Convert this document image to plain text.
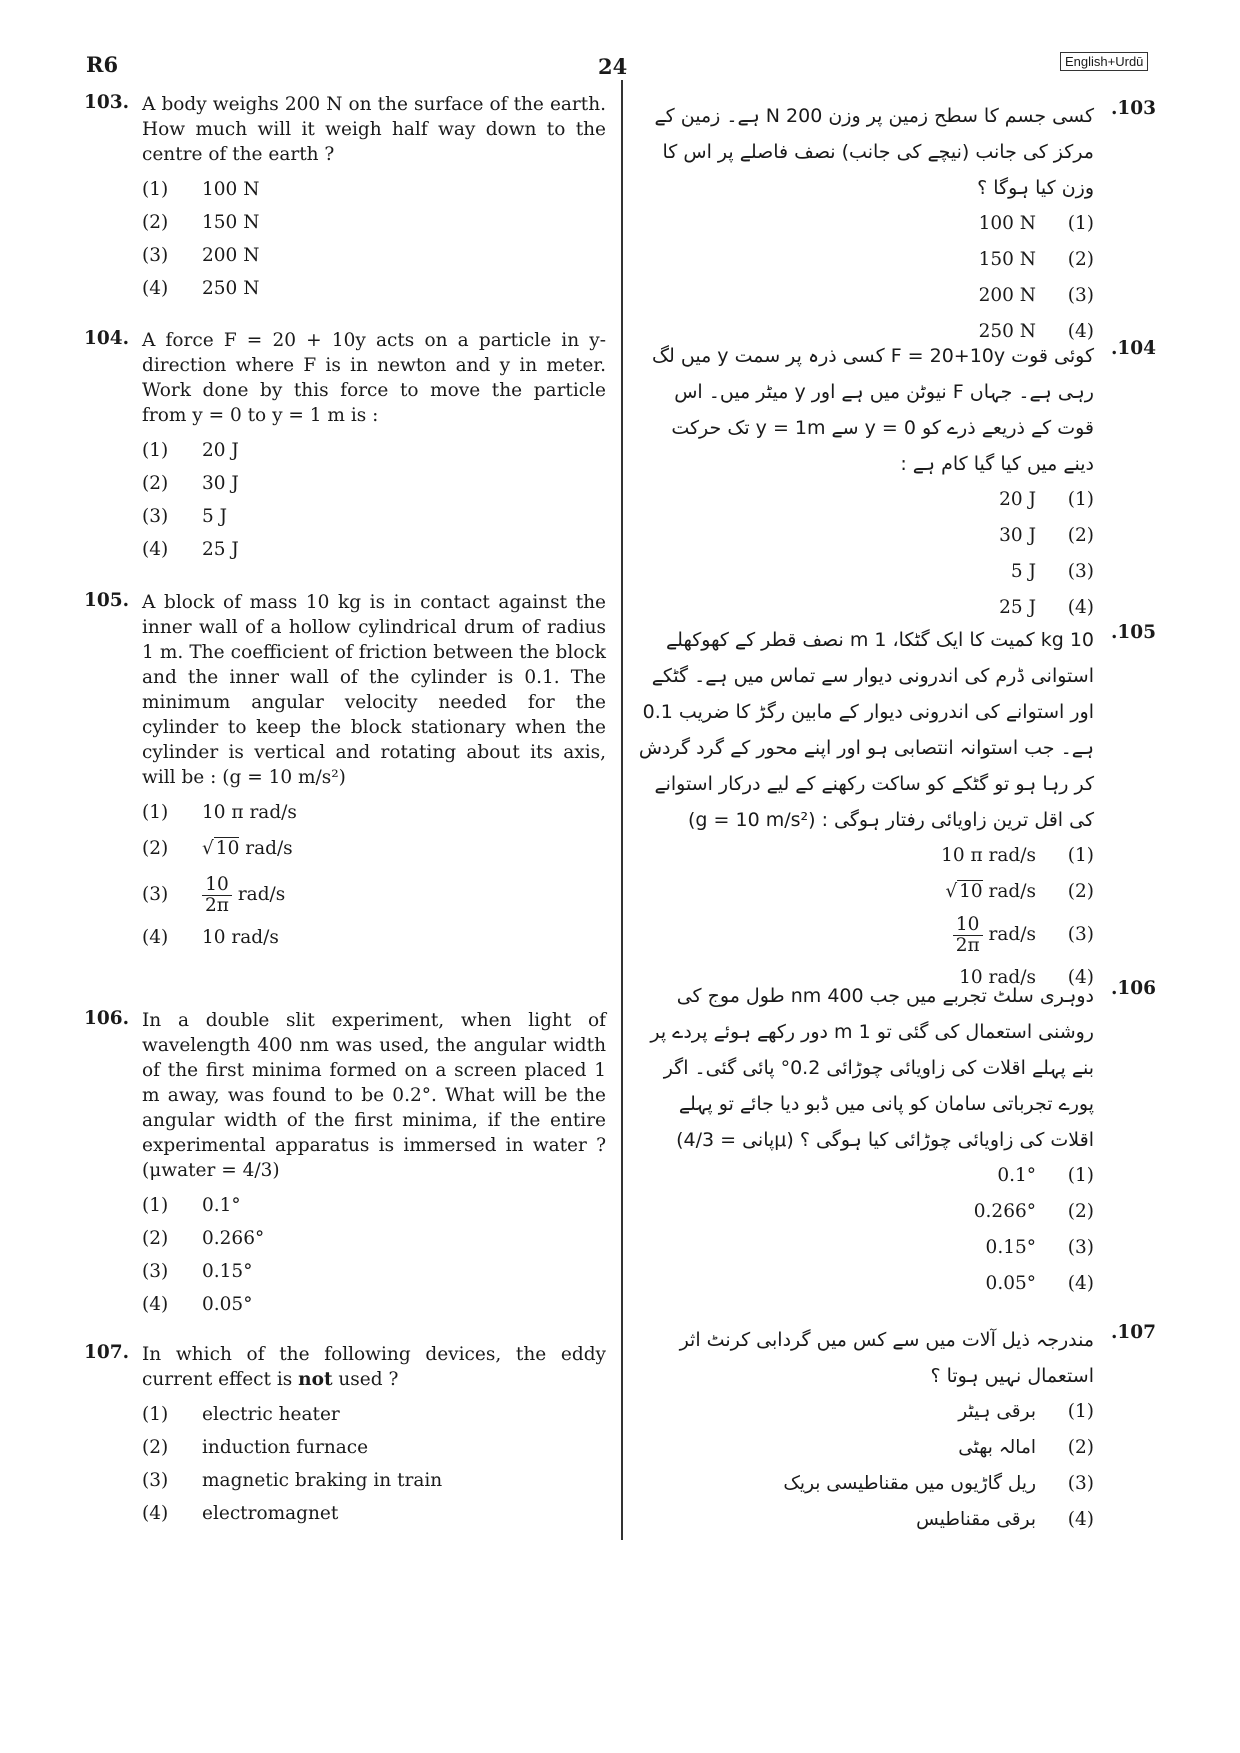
R6	24	English+Urdū
103. A body weighs 200 N on the surface of the earth. How much will it weigh half way down to the centre of the earth ?
(1)	100 N
(2)	150 N
(3)	200 N
(4)	250 N
104. A force F = 20 + 10y acts on a particle in y-direction where F is in newton and y in meter. Work done by this force to move the particle from y = 0 to y = 1 m is :
(1)	20 J
(2)	30 J
(3)	5 J
(4)	25 J
105. A block of mass 10 kg is in contact against the inner wall of a hollow cylindrical drum of radius 1 m. The coefficient of friction between the block and the inner wall of the cylinder is 0.1. The minimum angular velocity needed for the cylinder to keep the block stationary when the cylinder is vertical and rotating about its axis, will be : (g = 10 m/s²)
(1)	10 π rad/s
(2)	√ 10 rad/s
(3)	$\frac{10}{2\pi} rad/s$
(4)	10 rad/s
106. In a double slit experiment, when light of wavelength 400 nm was used, the angular width of the first minima formed on a screen placed 1 m away, was found to be 0.2°. What will be the angular width of the first minima, if the entire experimental apparatus is immersed in water ? (μwater = 4/3)
(1)	0.1°
(2)	0.266°
(3)	0.15°
(4)	0.05°
107. In which of the following devices, the eddy current effect is not used ?
(1)	electric heater
(2)	induction furnace
(3)	magnetic braking in train
(4)	electromagnet
.103
کسی جسم کا سطح زمین پر وزن 200 N ہے۔ زمین کے مرکز کی جانب (نیچے کی جانب) نصف فاصلے پر اس کا وزن کیا ہوگا ؟
100 N	(1)
150 N	(2)
200 N	(3)
250 N	(4)
.104
کوئی قوت F = 20+10y کسی ذرہ پر سمت y میں لگ رہی ہے۔ جہاں F نیوٹن میں ہے اور y میٹر میں۔ اس قوت کے ذریعے ذرے کو y = 0 سے y = 1m تک حرکت دینے میں کیا گیا کام ہے :
20 J	(1)
30 J	(2)
5 J	(3)
25 J	(4)
.105
10 kg کمیت کا ایک گٹکا، 1 m نصف قطر کے کھوکھلے استوانی ڈرم کی اندرونی دیوار سے تماس میں ہے۔ گٹکے اور استوانے کی اندرونی دیوار کے مابین رگڑ کا ضریب 0.1 ہے۔ جب استوانہ انتصابی ہو اور اپنے محور کے گرد گردش کر رہا ہو تو گٹکے کو ساکت رکھنے کے لیے درکار استوانے کی اقل ترین زاویائی رفتار ہوگی : (g = 10 m/s²)
10 π rad/s	(1)
√ 10 rad/s	(2)
$\frac{10}{2\pi} rad/s$	(3)
10 rad/s	(4)
.106
دوہری سلٹ تجربے میں جب 400 nm طول موج کی روشنی استعمال کی گئی تو 1 m دور رکھے ہوئے پردے پر بنے پہلے اقلات کی زاویائی چوڑائی 0.2° پائی گئی۔ اگر پورے تجرباتی سامان کو پانی میں ڈبو دیا جائے تو پہلے اقلات کی زاویائی چوڑائی کیا ہوگی ؟ (μپانی = 4/3)
0.1°	(1)
0.266°	(2)
0.15°	(3)
0.05°	(4)
.107
مندرجہ ذیل آلات میں سے کس میں گردابی کرنٹ اثر استعمال نہیں ہوتا ؟
برقی ہیٹر	(1)
امالہ بھٹی	(2)
ریل گاڑیوں میں مقناطیسی بریک	(3)
برقی مقناطیس	(4)
